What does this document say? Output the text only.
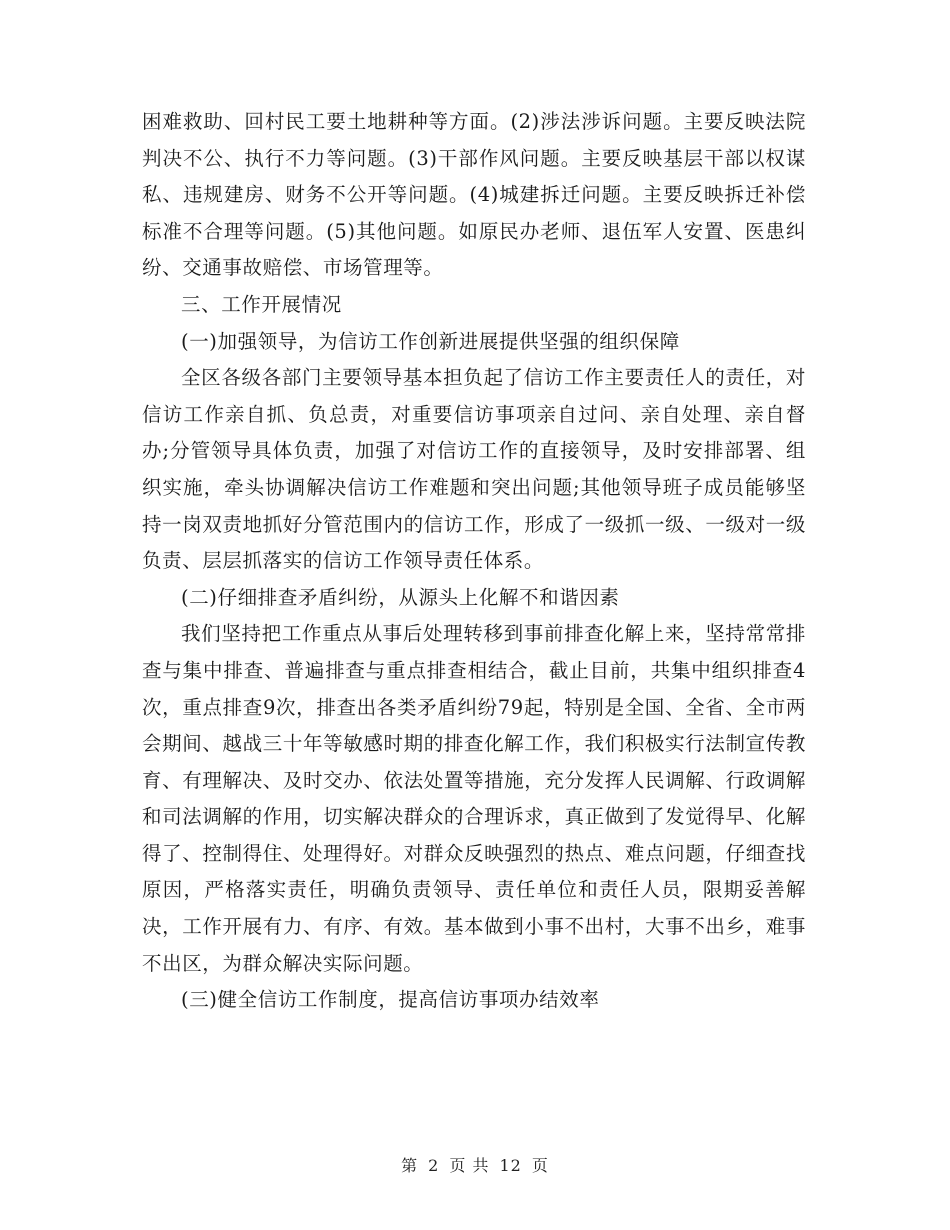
困难救助、回村民工要土地耕种等方面。(2)涉法涉诉问题。主要反映法院判决不公、执行不力等问题。(3)干部作风问题。主要反映基层干部以权谋私、违规建房、财务不公开等问题。(4)城建拆迁问题。主要反映拆迁补偿标准不合理等问题。(5)其他问题。如原民办老师、退伍军人安置、医患纠纷、交通事故赔偿、市场管理等。

三、工作开展情况

(一)加强领导，为信访工作创新进展提供坚强的组织保障

全区各级各部门主要领导基本担负起了信访工作主要责任人的责任，对信访工作亲自抓、负总责，对重要信访事项亲自过问、亲自处理、亲自督办;分管领导具体负责，加强了对信访工作的直接领导，及时安排部署、组织实施，牵头协调解决信访工作难题和突出问题;其他领导班子成员能够坚持一岗双责地抓好分管范围内的信访工作，形成了一级抓一级、一级对一级负责、层层抓落实的信访工作领导责任体系。

(二)仔细排查矛盾纠纷，从源头上化解不和谐因素

我们坚持把工作重点从事后处理转移到事前排查化解上来，坚持常常排查与集中排查、普遍排查与重点排查相结合，截止目前，共集中组织排查4次，重点排查9次，排查出各类矛盾纠纷79起，特别是全国、全省、全市两会期间、越战三十年等敏感时期的排查化解工作，我们积极实行法制宣传教育、有理解决、及时交办、依法处置等措施，充分发挥人民调解、行政调解和司法调解的作用，切实解决群众的合理诉求，真正做到了发觉得早、化解得了、控制得住、处理得好。对群众反映强烈的热点、难点问题，仔细查找原因，严格落实责任，明确负责领导、责任单位和责任人员，限期妥善解决，工作开展有力、有序、有效。基本做到小事不出村，大事不出乡，难事不出区，为群众解决实际问题。

(三)健全信访工作制度，提高信访事项办结效率

第 2 页 共 12 页
